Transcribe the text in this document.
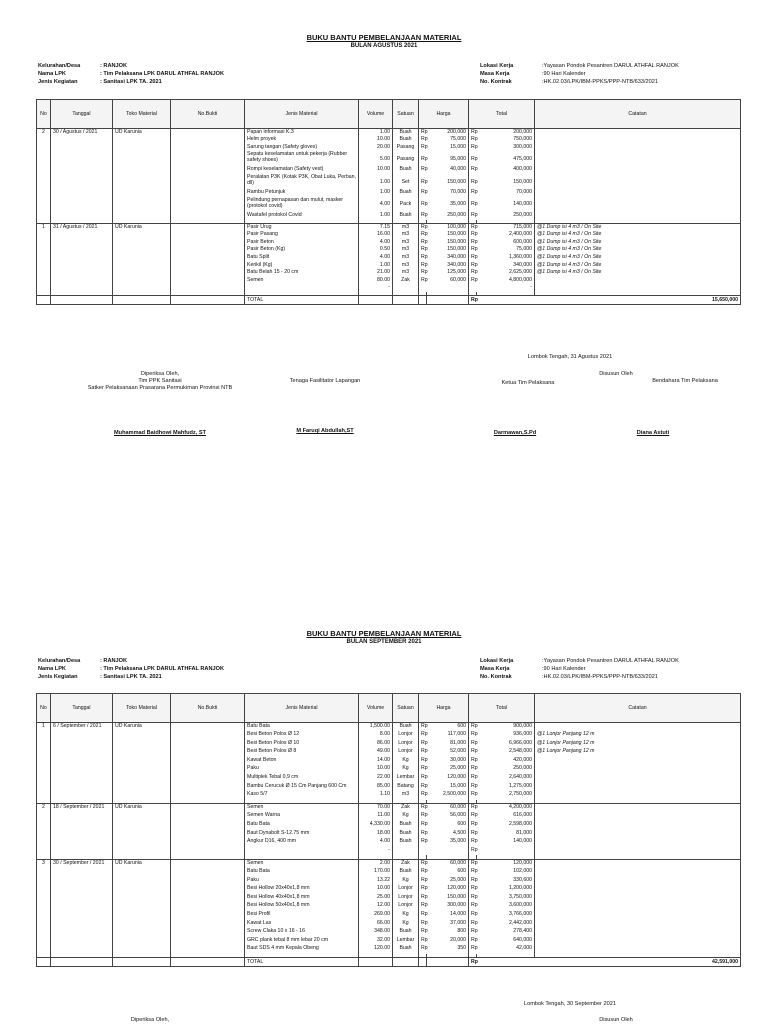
BUKU BANTU PEMBELANJAAN MATERIAL
BULAN AGUSTUS 2021
Kelurahan/Desa	: RANJOK
Nama LPK	: Tim Pelaksana LPK DARUL ATHFAL RANJOK
Jenis Kegiatan	: Sanitasi LPK TA. 2021
Lokasi Kerja	:Yayasan Pondok Pesantren DARUL ATHFAL RANJOK
Masa Kerja	:90 Hari Kalender
No. Kontrak	:HK.02.03/LPK/IBM-PPKS/PPP-NTB/633/2021
No	Tanggal	Toko Material	No.Bukti	Jenis Material	Volume	Satuan	Harga		Total		Catatan
2	30 / Agustus / 2021	UD Karunia		Papan informasi K.3	1.00	Buah	Rp	200,000	Rp	200,000	
				Helm proyek	10.00	Buah	Rp	75,000	Rp	750,000	
				Sarung tangan (Safety gloves)	20.00	Pasang	Rp	15,000	Rp	300,000	
				Sepatu keselamatan untuk pekerja (Rubber safety shoes)	5.00	Pasang	Rp	95,000	Rp	475,000	
				Rompi keselamatan (Safety vest)	10.00	Buah	Rp	40,000	Rp	400,000	
				Peralatan P3K (Kotak P3K, Obat Luka, Perban, dll)	1.00	Set	Rp	150,000	Rp	150,000	
				Rambu Petunjuk	1.00	Buah	Rp	70,000	Rp	70,000	
				Pelindung pernapasan dan mulut, masker (protokol covid)	4.00	Pack	Rp	35,000	Rp	140,000	
				Wastafel protokol Covid	1.00	Buah	Rp	250,000	Rp	250,000	

1	31 / Agustus / 2021	UD Karunia		Pasir Urug	7.15	m3	Rp	100,000	Rp	715,000	@1 Dump isi 4 m3 / On Site
				Pasir Pasang	16.00	m3	Rp	150,000	Rp	2,400,000	@1 Dump isi 4 m3 / On Site
				Pasir Beton	4.00	m3	Rp	150,000	Rp	600,000	@1 Dump isi 4 m3 / On Site
				Pasir Beton (Kg)	0.50	m3	Rp	150,000	Rp	75,000	@1 Dump isi 4 m3 / On Site
				Batu Split	4.00	m3	Rp	340,000	Rp	1,360,000	@1 Dump isi 4 m3 / On Site
				Kerikil (Kg)	1.00	m3	Rp	340,000	Rp	340,000	@1 Dump isi 4 m3 / On Site
				Batu Belah 15 - 20 cm	21.00	m3	Rp	125,000	Rp	2,625,000	@1 Dump isi 4 m3 / On Site
				Semen	80.00	Zak	Rp	60,000	Rp	4,800,000	
					-					-	

				TOTAL					Rp	15,650,000	
Lombok Tengah, 31 Agustus 2021
Diperiksa Oleh,
Tim PPK Sanitasi
Satker Pelaksanaan Prasarana Permukiman Provinsi NTB
Tenaga Fasilitator Lapangan
Disusun Oleh
Ketua Tim Pelaksana	Bendahara Tim Pelaksana
Muhammad Baidhowi Mahfudz, ST	M Faruqi Abdullah,ST	Darmawan,S.Pd	Diana Astuti
BUKU BANTU PEMBELANJAAN MATERIAL
BULAN SEPTEMBER 2021
Kelurahan/Desa	: RANJOK
Nama LPK	: Tim Pelaksana LPK DARUL ATHFAL RANJOK
Jenis Kegiatan	: Sanitasi LPK TA. 2021
Lokasi Kerja	:Yayasan Pondok Pesantren DARUL ATHFAL RANJOK
Masa Kerja	:90 Hari Kalender
No. Kontrak	:HK.02.03/LPK/IBM-PPKS/PPP-NTB/633/2021
No	Tanggal	Toko Material	No.Bukti	Jenis Material	Volume	Satuan	Harga		Total		Catatan
1	6 / September / 2021	UD Karunia		Batu Bata	1,500.00	Buah	Rp	600	Rp	900,000	
				Besi Beton Polos Ø 12	8.00	Lonjor	Rp	117,000	Rp	936,000	@1 Lonjor Panjang 12 m
				Besi Beton Polos Ø 10	86.00	Lonjor	Rp	81,000	Rp	6,966,000	@1 Lonjor Panjang 12 m
				Besi Beton Polos Ø 8	49.00	Lonjor	Rp	52,000	Rp	2,548,000	@1 Lonjor Panjang 12 m
				Kawat Beton	14.00	Kg	Rp	30,000	Rp	420,000	
				Paku	10.00	Kg	Rp	25,000	Rp	250,000	
				Multiplek Tebal 0,9 cm	22.00	Lembar	Rp	120,000	Rp	2,640,000	
				Bambu Cerucuk Ø 15 Cm Panjang 600 Cm	85.00	Batang	Rp	15,000	Rp	1,275,000	
				Kaso 5/7	1.10	m3	Rp	2,500,000	Rp	2,750,000	

2	18 / September / 2021	UD Karunia		Semen	70.00	Zak	Rp	60,000	Rp	4,200,000	
				Semen Warna	11.00	Kg	Rp	56,000	Rp	616,000	
				Batu Bata	4,330.00	Buah	Rp	600	Rp	2,598,000	
				Baut Dynabolt S-12.75 mm	18.00	Buah	Rp	4,500	Rp	81,000	
				Angkur D16, 400 mm	4.00	Buah	Rp	35,000	Rp	140,000	
					-				Rp		

3	30 / September / 2021	UD Karunia		Semen	2.00	Zak	Rp	60,000	Rp	120,000	
				Batu Bata	170.00	Buah	Rp	600	Rp	102,000	
				Paku	13.22	Kg	Rp	25,000	Rp	330,600	
				Besi Hollow 20x40x1,8 mm	10.00	Lonjor	Rp	120,000	Rp	1,200,000	
				Besi Hollow 40x40x1,8 mm	25.00	Lonjor	Rp	150,000	Rp	3,750,000	
				Besi Hollow 50x40x1,8 mm	12.00	Lonjor	Rp	300,000	Rp	3,600,000	
				Besi Profil	269.00	Kg	Rp	14,000	Rp	3,766,000	
				Kawat Las	66.00	Kg	Rp	37,000	Rp	2,442,000	
				Screw Claka 10 x 16 - 16	348.00	Buah	Rp	800	Rp	278,400	
				GRC plank tebal 8 mm lebar 20 cm	32.00	Lembar	Rp	20,000	Rp	640,000	
				Baut SDS 4 mm Kepala Obeng	120.00	Buah	Rp	350	Rp	42,000	

				TOTAL					Rp	42,591,000	
Lombok Tengah, 30 September 2021
Diperiksa Oleh,	Disusun Oleh
